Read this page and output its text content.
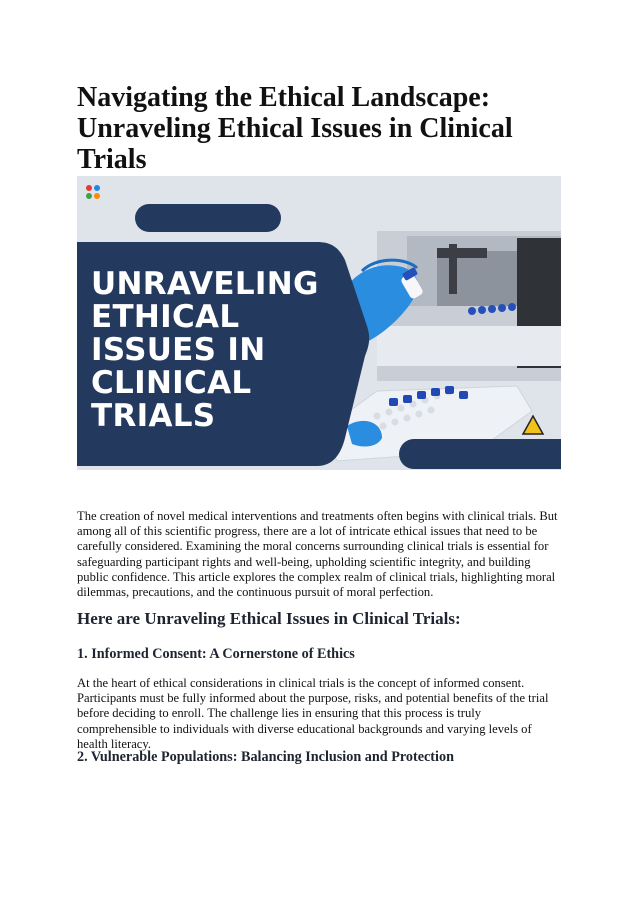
Navigating the Ethical Landscape: Unraveling Ethical Issues in Clinical Trials
UNRAVELING
ETHICAL
ISSUES IN
CLINICAL
TRIALS

The creation of novel medical interventions and treatments often begins with clinical trials. But among all of this scientific progress, there are a lot of intricate ethical issues that need to be carefully considered. Examining the moral concerns surrounding clinical trials is essential for safeguarding participant rights and well-being, upholding scientific integrity, and building public confidence. This article explores the complex realm of clinical trials, highlighting moral dilemmas, precautions, and the continuous pursuit of moral perfection.

Here are Unraveling Ethical Issues in Clinical Trials:
1. Informed Consent: A Cornerstone of Ethics

At the heart of ethical considerations in clinical trials is the concept of informed consent. Participants must be fully informed about the purpose, risks, and potential benefits of the trial before deciding to enroll. The challenge lies in ensuring that this process is truly comprehensible to individuals with diverse educational backgrounds and varying levels of health literacy.

2. Vulnerable Populations: Balancing Inclusion and Protection
